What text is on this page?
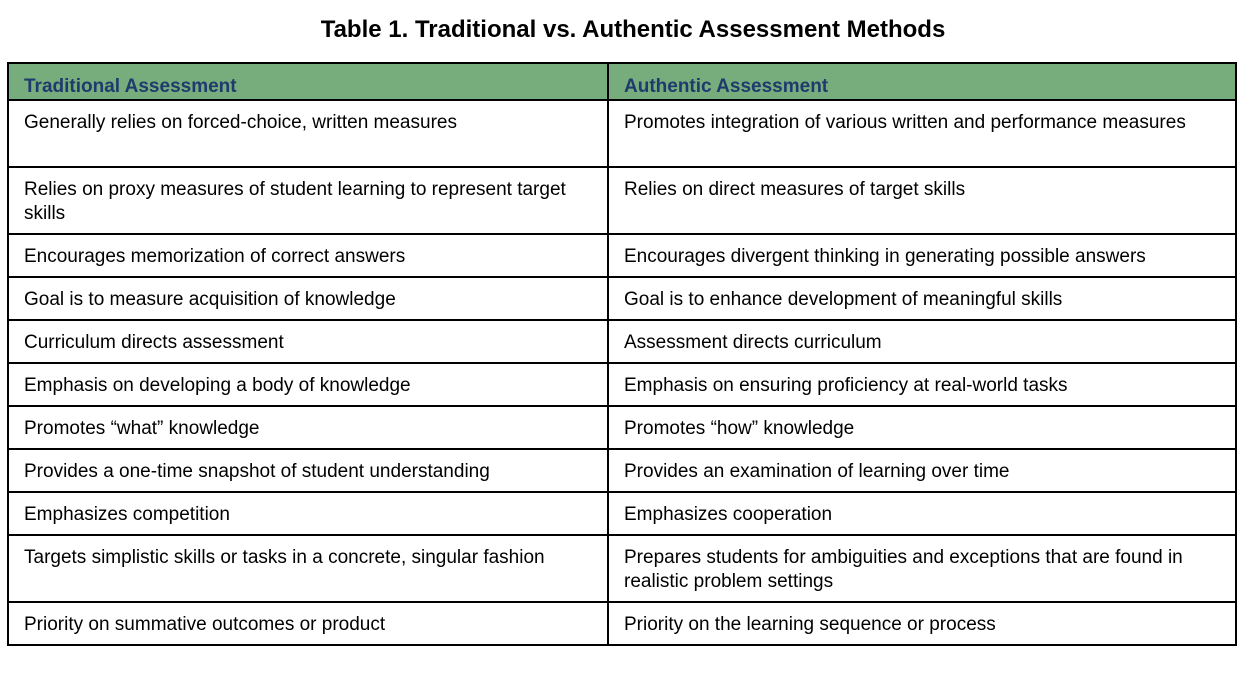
Table 1. Traditional vs. Authentic Assessment Methods
Traditional Assessment	Authentic Assessment
Generally relies on forced-choice, written measures	Promotes integration of various written and performance measures
Relies on proxy measures of student learning to represent target skills	Relies on direct measures of target skills
Encourages memorization of correct answers	Encourages divergent thinking in generating possible answers
Goal is to measure acquisition of knowledge	Goal is to enhance development of meaningful skills
Curriculum directs assessment	Assessment directs curriculum
Emphasis on developing a body of knowledge	Emphasis on ensuring proficiency at real-world tasks
Promotes “what” knowledge	Promotes “how” knowledge
Provides a one-time snapshot of student understanding	Provides an examination of learning over time
Emphasizes competition	Emphasizes cooperation
Targets simplistic skills or tasks in a concrete, singular fashion	Prepares students for ambiguities and exceptions that are found in realistic problem settings
Priority on summative outcomes or product	Priority on the learning sequence or process
